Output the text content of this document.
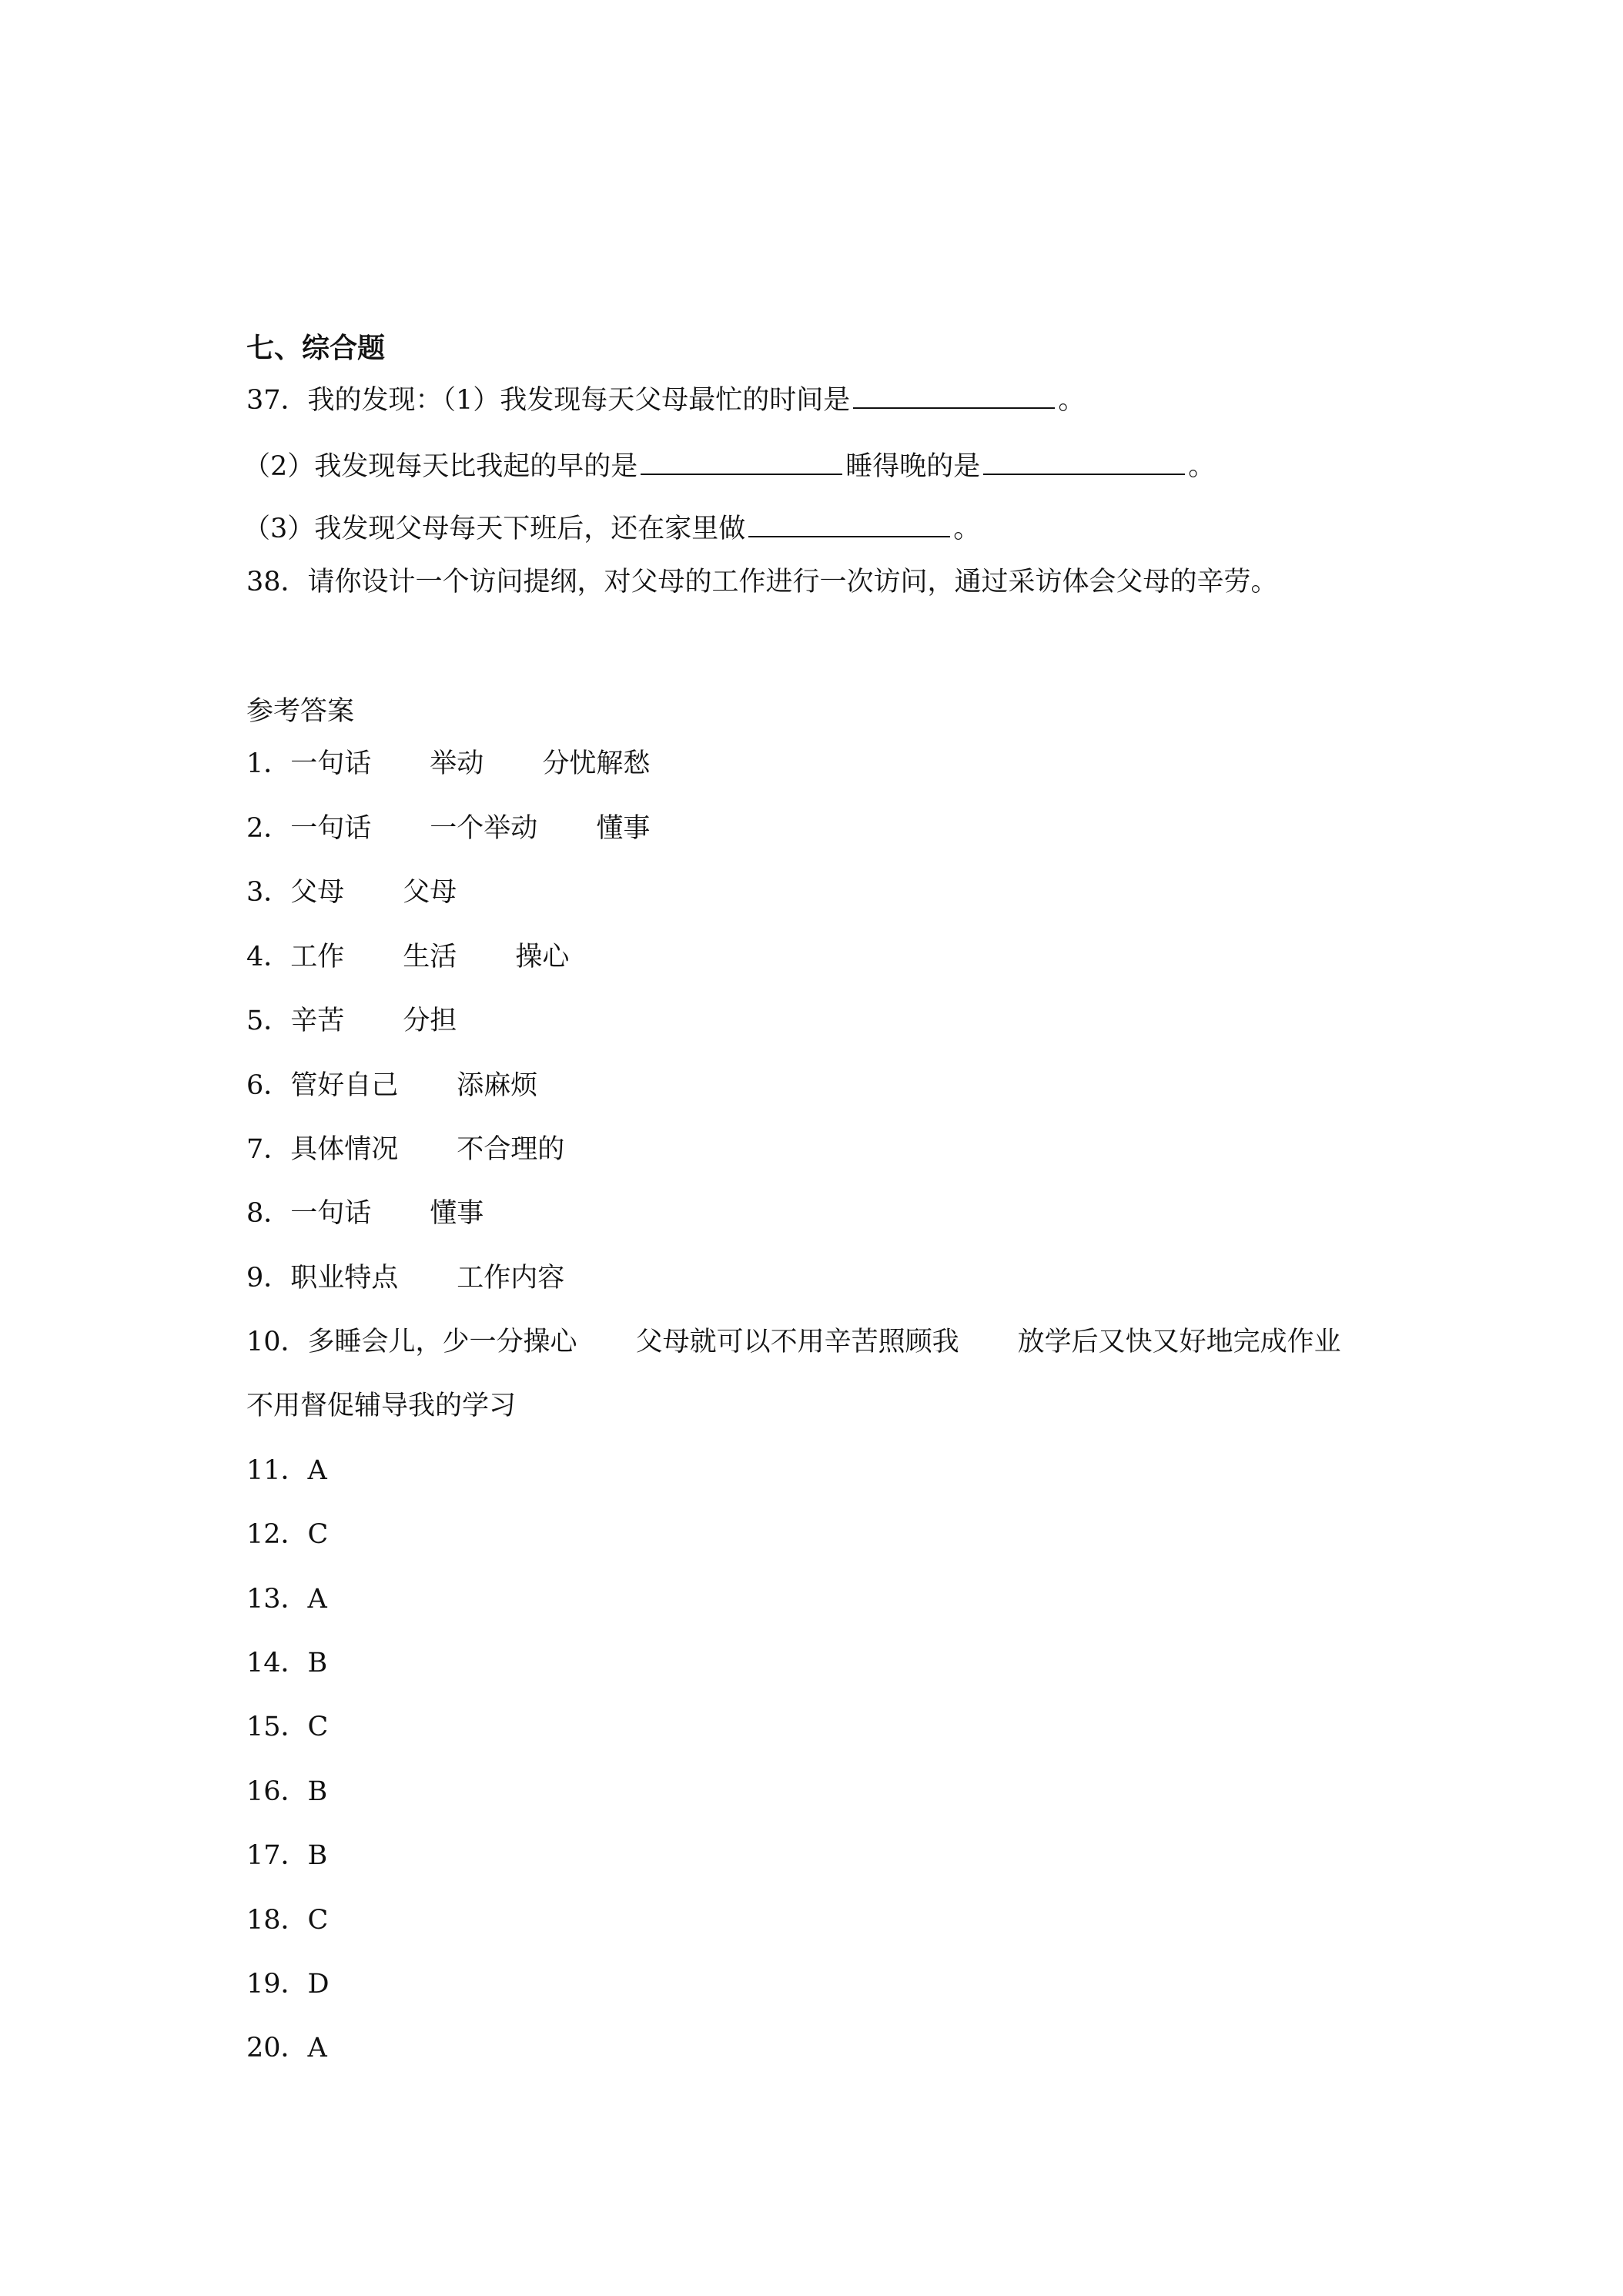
七、综合题
37．我的发现：（1）我发现每天父母最忙的时间是	。
（2）我发现每天比我起的早的是	睡得晚的是	。
（3）我发现父母每天下班后，还在家里做	。
38．请你设计一个访问提纲，对父母的工作进行一次访问，通过采访体会父母的辛劳。
参考答案
1．一句话 举动 分忧解愁
2．一句话 一个举动 懂事
3．父母 父母
4．工作 生活 操心
5．辛苦 分担
6．管好自己 添麻烦
7．具体情况 不合理的
8．一句话 懂事
9．职业特点 工作内容
10．多睡会儿，少一分操心 父母就可以不用辛苦照顾我 放学后又快又好地完成作业
不用督促辅导我的学习
11．A
12．C
13．A
14．B
15．C
16．B
17．B
18．C
19．D
20．A
